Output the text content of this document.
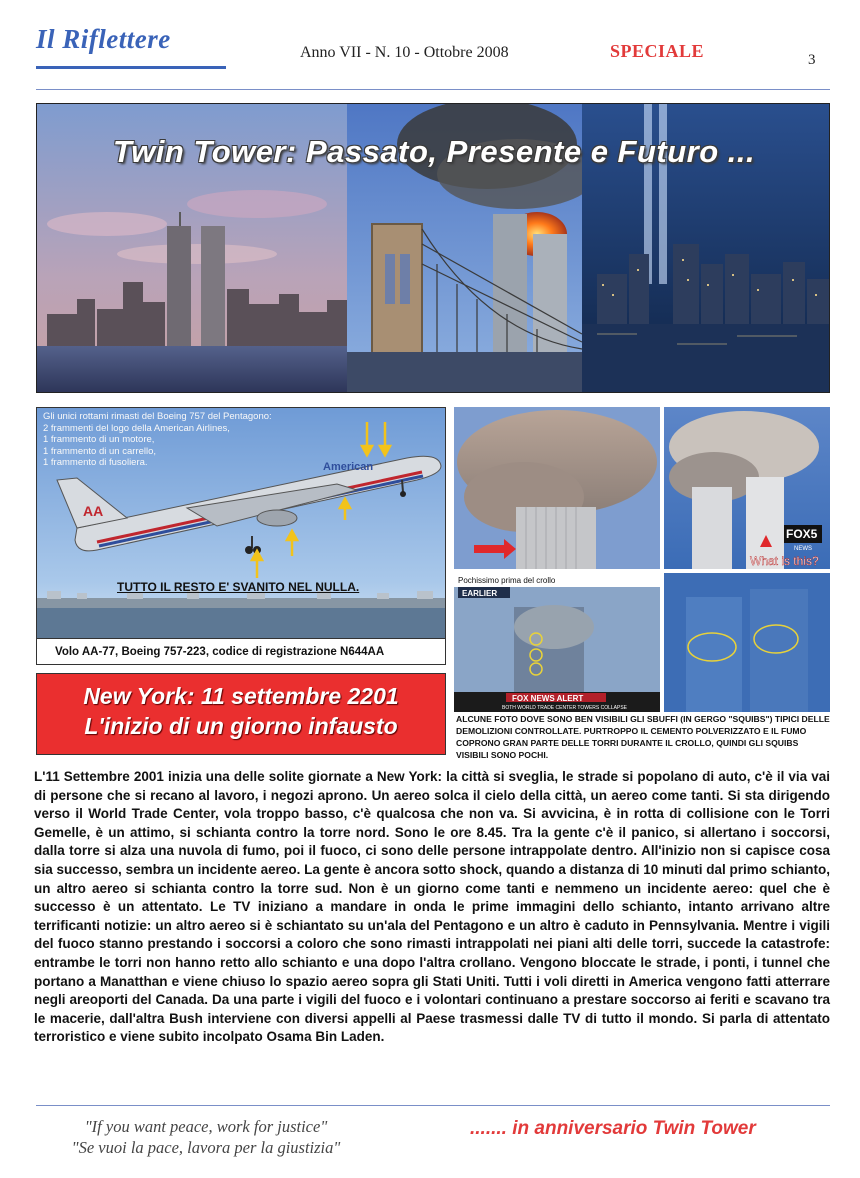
Il Riflettere	Anno VII - N. 10 - Ottobre 2008	SPECIALE	3
Twin Tower: Passato, Presente e Futuro ...
AA
American
Gli unici rottami rimasti del Boeing 757 del Pentagono:
2 frammenti del logo della American Airlines,
1 frammento di un motore,
1 frammento di un carrello,
1 frammento di fusoliera.
TUTTO IL RESTO E' SVANITO NEL NULLA.
Volo AA-77, Boeing 757-223, codice di registrazione N644AA
New York: 11 settembre 2201
L'inizio di un giorno infausto
FOX5
NEWS
What is this?
Pochissimo prima del crollo
EARLIER
FOX NEWS ALERT
BOTH WORLD TRADE CENTER TOWERS COLLAPSE
ALCUNE FOTO DOVE SONO BEN VISIBILI GLI SBUFFI (IN GERGO "SQUIBS") TIPICI DELLE DEMOLIZIONI CONTROLLATE. PURTROPPO IL CEMENTO POLVERIZZATO E IL FUMO COPRONO GRAN PARTE DELLE TORRI DURANTE IL CROLLO, QUINDI GLI SQUIBS VISIBILI SONO POCHI.
L'11 Settembre 2001 inizia una delle solite giornate a New York: la città si sveglia, le strade si popolano di auto, c'è il via vai di persone che si recano al lavoro, i negozi aprono. Un aereo solca il cielo della città, un aereo come tanti. Si sta dirigendo verso il World Trade Center, vola troppo basso, c'è qualcosa che non va. Si avvicina, è in rotta di collisione con le Torri Gemelle, è un attimo, si schianta contro la torre nord. Sono le ore 8.45. Tra la gente c'è il panico, si allertano i soccorsi, dalla torre si alza una nuvola di fumo, poi il fuoco, ci sono delle persone intrappolate dentro. All'inizio non si capisce cosa sia successo, sembra un incidente aereo. La gente è ancora sotto shock, quando a distanza di 10 minuti dal primo schianto, un altro aereo si schianta contro la torre sud. Non è un giorno come tanti e nemmeno un incidente aereo: quel che è successo è un attentato. Le TV iniziano a mandare in onda le prime immagini dello schianto, intanto arrivano altre terrificanti notizie: un altro aereo si è schiantato su un'ala del Pentagono e un altro è caduto in Pennsylvania. Mentre i vigili del fuoco stanno prestando i soccorsi a coloro che sono rimasti intrappolati nei piani alti delle torri, succede la catastrofe: entrambe le torri non hanno retto allo schianto e una dopo l'altra crollano. Vengono bloccate le strade, i ponti, i tunnel che portano a Manatthan e viene chiuso lo spazio aereo sopra gli Stati Uniti. Tutti i voli diretti in America vengono fatti atterrare negli areoporti del Canada. Da una parte i vigili del fuoco e i volontari continuano a prestare soccorso ai feriti e scavano tra le macerie, dall'altra Bush interviene con diversi appelli al Paese trasmessi dalle TV di tutto il mondo. Si parla di attentato terroristico e viene subito incolpato Osama Bin Laden.
"If you want peace, work for justice"
"Se vuoi la pace, lavora per la giustizia"
....... in anniversario Twin Tower
